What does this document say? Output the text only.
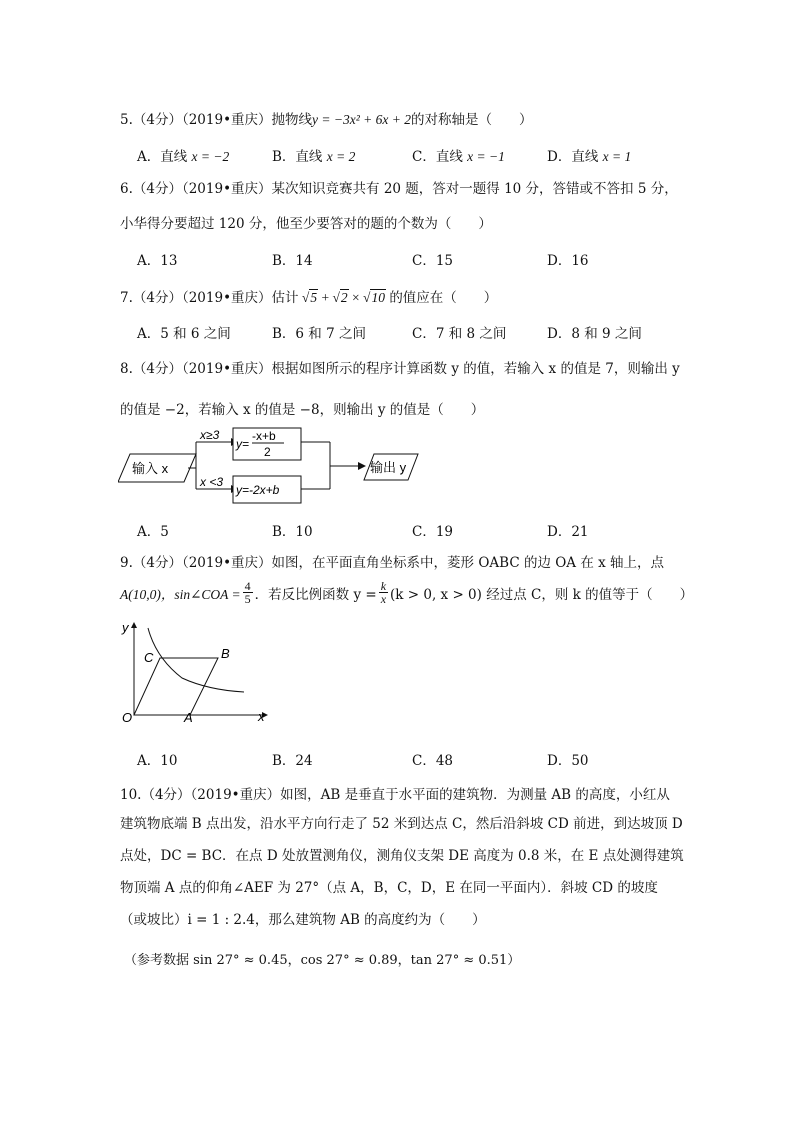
5.（4分）（2019•重庆）抛物线y = −3x² + 6x + 2的对称轴是（　　）
A．直线 x = −2	B．直线 x = 2	C．直线 x = −1	D．直线 x = 1
6.（4分）（2019•重庆）某次知识竞赛共有 20 题，答对一题得 10 分，答错或不答扣 5 分，
小华得分要超过 120 分，他至少要答对的题的个数为（　　）
A．13	B．14	C．15	D．16
7.（4分）（2019•重庆）估计 √5 + √2 × √10 的值应在（　　）
A．5 和 6 之间	B．6 和 7 之间	C．7 和 8 之间	D．8 和 9 之间
8.（4分）（2019•重庆）根据如图所示的程序计算函数 y 的值，若输入 x 的值是 7，则输出 y
的值是 −2，若输入 x 的值是 −8，则输出 y 的值是（　　）
输入 x
x≥3
x <3
y=
-x+b
2
y=-2x+b
输出 y
A．5	B．10	C．19	D．21
9.（4分）（2019•重庆）如图，在平面直角坐标系中，菱形 OABC 的边 OA 在 x 轴上，点
A(10,0)，sin∠COA = $\frac{4}{5}$ ．若反比例函数 $y = \frac{k}{x} (k > 0$, x > 0) 经过点 C，则 k 的值等于（　　）
y
x
O	A
B
C
A．10	B．24	C．48	D．50
10.（4分）（2019•重庆）如图，AB 是垂直于水平面的建筑物．为测量 AB 的高度，小红从
建筑物底端 B 点出发，沿水平方向行走了 52 米到达点 C，然后沿斜坡 CD 前进，到达坡顶 D
点处，DC = BC．在点 D 处放置测角仪，测角仪支架 DE 高度为 0.8 米，在 E 点处测得建筑
物顶端 A 点的仰角∠AEF 为 27°（点 A，B，C，D，E 在同一平面内）．斜坡 CD 的坡度
（或坡比）i = 1 : 2.4，那么建筑物 AB 的高度约为（　　）
（参考数据 sin 27° ≈ 0.45，cos 27° ≈ 0.89，tan 27° ≈ 0.51）
